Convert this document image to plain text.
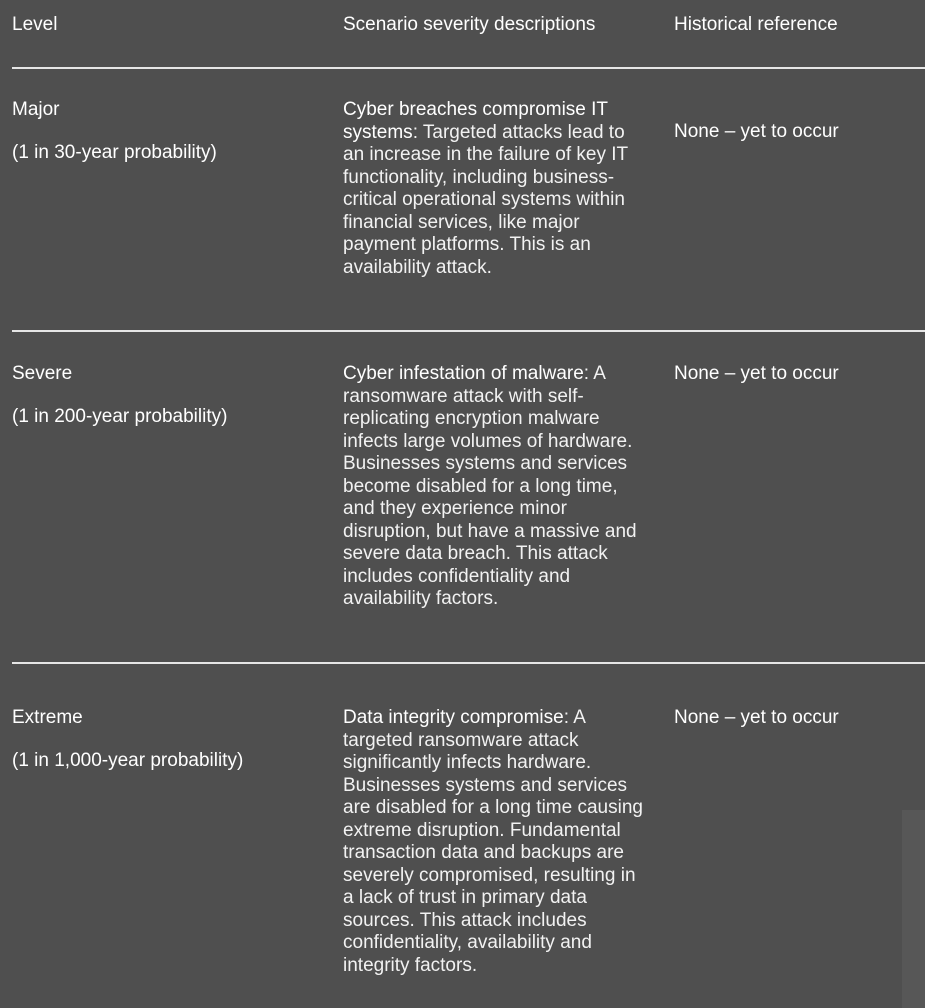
Level	Scenario severity descriptions	Historical reference
Major
(1 in 30-year probability)
Cyber breaches compromise IT systems: Targeted attacks lead to an increase in the failure of key IT functionality, including business-critical operational systems within financial services, like major payment platforms. This is an availability attack.
None – yet to occur
Severe
(1 in 200-year probability)
Cyber infestation of malware: A ransomware attack with self-replicating encryption malware infects large volumes of hardware. Businesses systems and services become disabled for a long time, and they experience minor disruption, but have a massive and severe data breach. This attack includes confidentiality and availability factors.
None – yet to occur
Extreme
(1 in 1,000-year probability)
Data integrity compromise: A targeted ransomware attack significantly infects hardware. Businesses systems and services are disabled for a long time causing extreme disruption. Fundamental transaction data and backups are severely compromised, resulting in a lack of trust in primary data sources. This attack includes confidentiality, availability and integrity factors.
None – yet to occur
